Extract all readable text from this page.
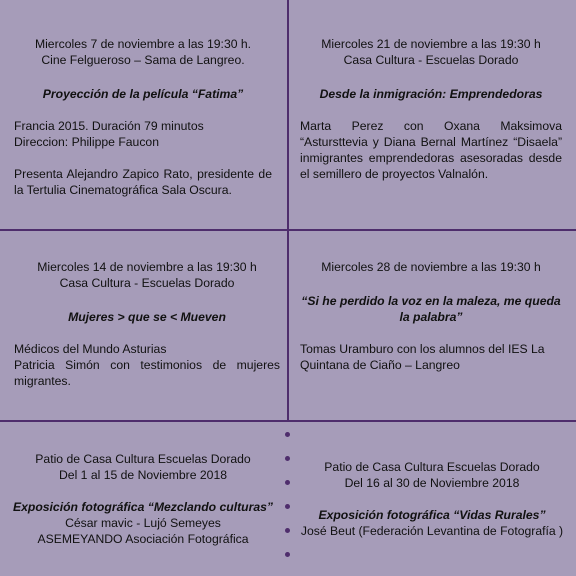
Miercoles 7 de noviembre a las 19:30 h.

Cine Felgueroso – Sama de Langreo.

Proyección de la película “Fatima”

Francia 2015. Duración 79 minutos

Direccion: Philippe Faucon

Presenta Alejandro Zapico Rato, presidente de la Tertulia Cinematográfica Sala Oscura.

Miercoles 21 de noviembre a las 19:30 h

Casa Cultura - Escuelas Dorado

Desde la inmigración: Emprendedoras

Marta Perez con Oxana Maksimova “Astursttevia y Diana Bernal Martínez “Disaela” inmigrantes emprendedoras asesoradas desde el semillero de proyectos Valnalón.

Miercoles 14 de noviembre a las 19:30 h

Casa Cultura - Escuelas Dorado

Mujeres > que se < Mueven

Médicos del Mundo Asturias

Patricia Simón con testimonios de mujeres migrantes.

Miercoles 28 de noviembre a las 19:30 h

“Si he perdido la voz en la maleza, me queda la palabra”

Tomas Uramburo con los alumnos del IES La Quintana de Ciaño – Langreo

Patio de Casa Cultura Escuelas Dorado

Del 1 al 15 de Noviembre 2018

Exposición fotográfica “Mezclando culturas”

César mavic - Lujó Semeyes

ASEMEYANDO Asociación Fotográfica

Patio de Casa Cultura Escuelas Dorado

Del 16 al 30 de Noviembre 2018

Exposición fotográfica “Vidas Rurales”

José Beut (Federación Levantina de Fotografía )
